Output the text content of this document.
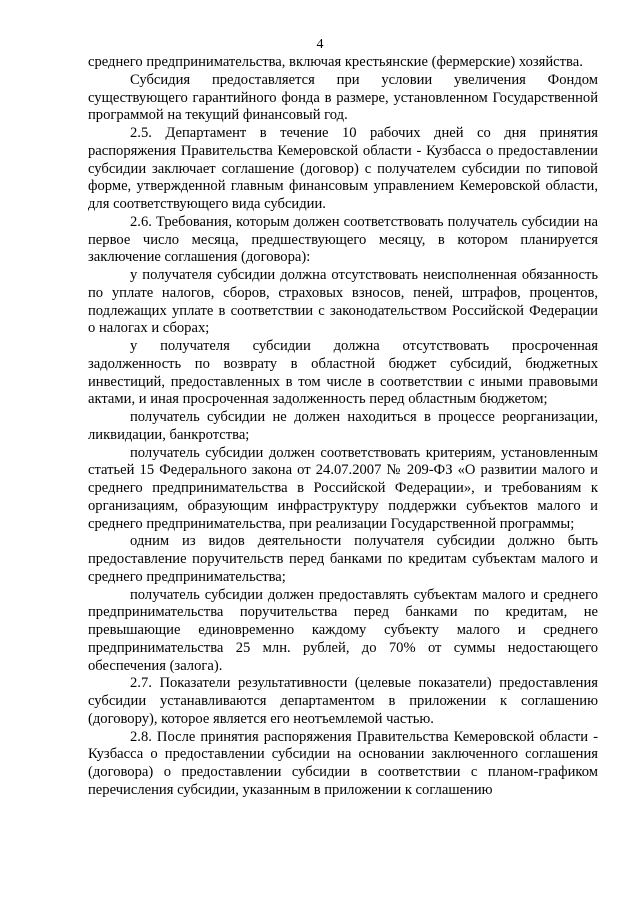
4

среднего предпринимательства, включая крестьянские (фермерские) хозяйства.

Субсидия предоставляется при условии увеличения Фондом существующего гарантийного фонда в размере, установленном Государственной программой на текущий финансовый год.

2.5. Департамент в течение 10 рабочих дней со дня принятия распоряжения Правительства Кемеровской области - Кузбасса о предоставлении субсидии заключает соглашение (договор) с получателем субсидии по типовой форме, утвержденной главным финансовым управлением Кемеровской области, для соответствующего вида субсидии.

2.6. Требования, которым должен соответствовать получатель субсидии на первое число месяца, предшествующего месяцу, в котором планируется заключение соглашения (договора):

у получателя субсидии должна отсутствовать неисполненная обязанность по уплате налогов, сборов, страховых взносов, пеней, штрафов, процентов, подлежащих уплате в соответствии с законодательством Российской Федерации о налогах и сборах;

у получателя субсидии должна отсутствовать просроченная задолженность по возврату в областной бюджет субсидий, бюджетных инвестиций, предоставленных в том числе в соответствии с иными правовыми актами, и иная просроченная задолженность перед областным бюджетом;

получатель субсидии не должен находиться в процессе реорганизации, ликвидации, банкротства;

получатель субсидии должен соответствовать критериям, установленным статьей 15 Федерального закона от 24.07.2007 № 209-ФЗ «О развитии малого и среднего предпринимательства в Российской Федерации», и требованиям к организациям, образующим инфраструктуру поддержки субъектов малого и среднего предпринимательства, при реализации Государственной программы;

одним из видов деятельности получателя субсидии должно быть предоставление поручительств перед банками по кредитам субъектам малого и среднего предпринимательства;

получатель субсидии должен предоставлять субъектам малого и среднего предпринимательства поручительства перед банками по кредитам, не превышающие единовременно каждому субъекту малого и среднего предпринимательства 25 млн. рублей, до 70% от суммы недостающего обеспечения (залога).

2.7. Показатели результативности (целевые показатели) предоставления субсидии устанавливаются департаментом в приложении к соглашению (договору), которое является его неотъемлемой частью.

2.8. После принятия распоряжения Правительства Кемеровской области - Кузбасса о предоставлении субсидии на основании заключенного соглашения (договора) о предоставлении субсидии в соответствии с планом-графиком перечисления субсидии, указанным в приложении к соглашению
